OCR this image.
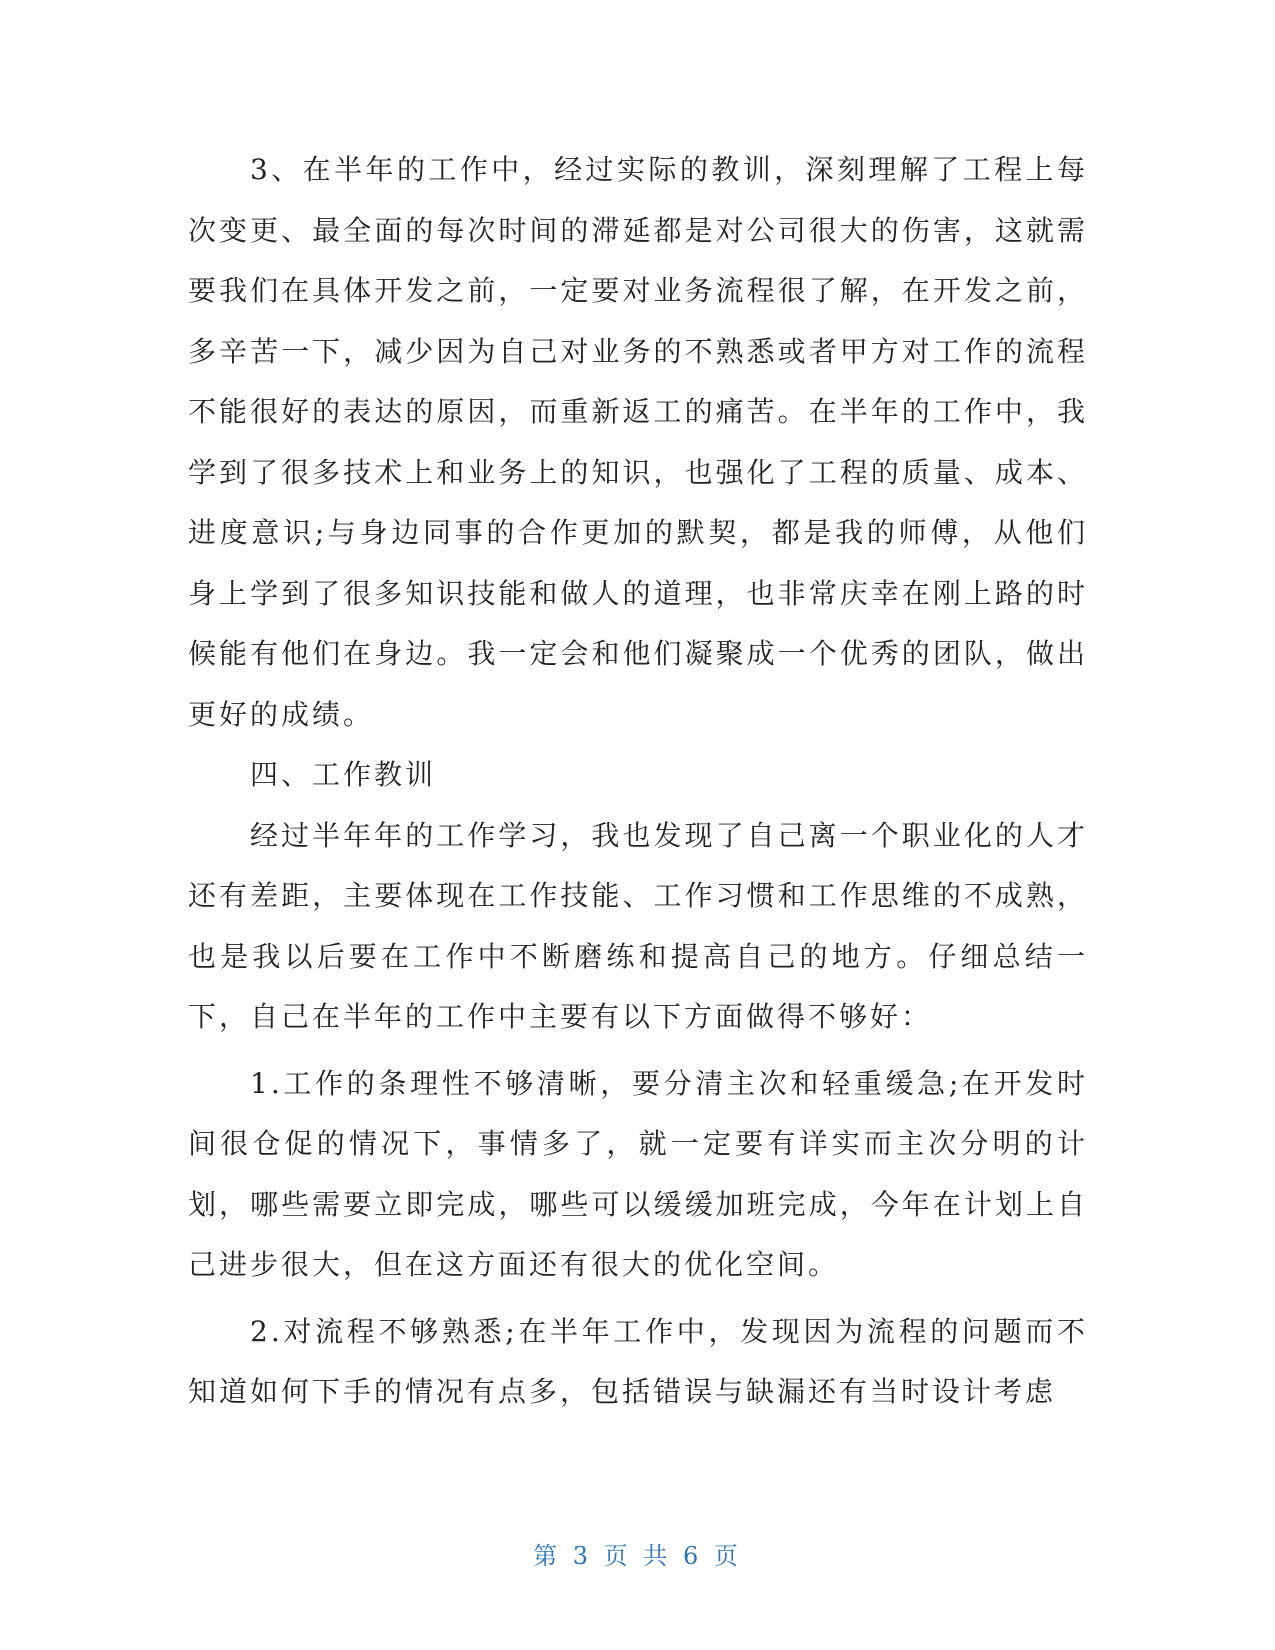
3、在半年的工作中，经过实际的教训，深刻理解了工程上每次变更、最全面的每次时间的滞延都是对公司很大的伤害，这就需要我们在具体开发之前，一定要对业务流程很了解，在开发之前，多辛苦一下，减少因为自己对业务的不熟悉或者甲方对工作的流程不能很好的表达的原因，而重新返工的痛苦。在半年的工作中，我学到了很多技术上和业务上的知识，也强化了工程的质量、成本、进度意识;与身边同事的合作更加的默契，都是我的师傅，从他们身上学到了很多知识技能和做人的道理，也非常庆幸在刚上路的时候能有他们在身边。我一定会和他们凝聚成一个优秀的团队，做出更好的成绩。

四、工作教训

经过半年年的工作学习，我也发现了自己离一个职业化的人才还有差距，主要体现在工作技能、工作习惯和工作思维的不成熟，也是我以后要在工作中不断磨练和提高自己的地方。仔细总结一下，自己在半年的工作中主要有以下方面做得不够好：

1.工作的条理性不够清晰，要分清主次和轻重缓急;在开发时间很仓促的情况下，事情多了，就一定要有详实而主次分明的计划，哪些需要立即完成，哪些可以缓缓加班完成，今年在计划上自己进步很大，但在这方面还有很大的优化空间。

2.对流程不够熟悉;在半年工作中，发现因为流程的问题而不知道如何下手的情况有点多，包括错误与缺漏还有当时设计考虑

第 3 页 共 6 页
